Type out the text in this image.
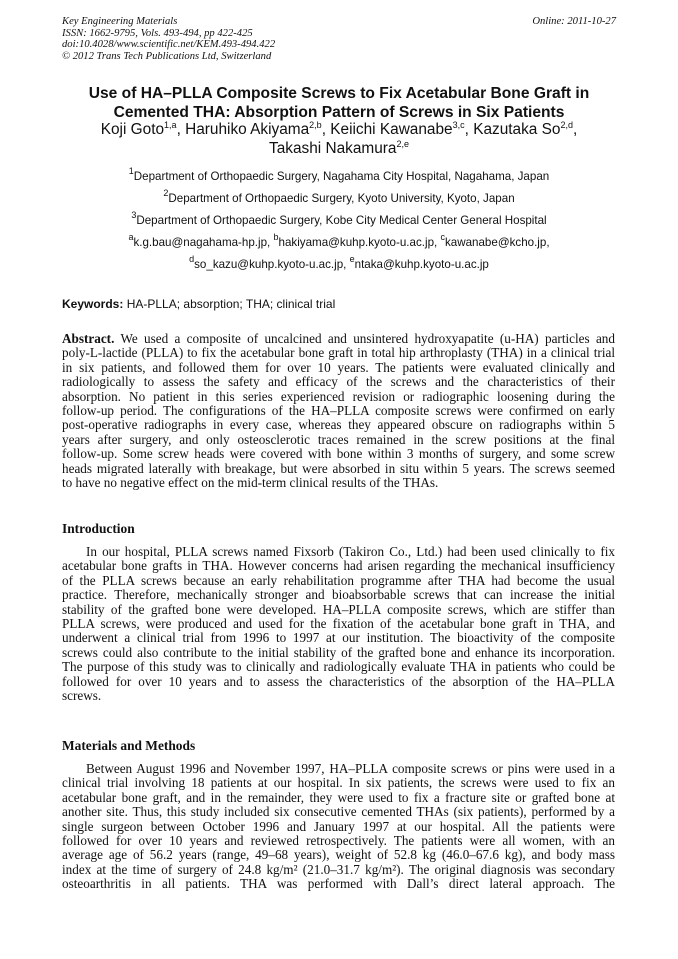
Key Engineering Materials
ISSN: 1662-9795, Vols. 493-494, pp 422-425
doi:10.4028/www.scientific.net/KEM.493-494.422
© 2012 Trans Tech Publications Ltd, Switzerland
Online: 2011-10-27
Use of HA–PLLA Composite Screws to Fix Acetabular Bone Graft in
Cemented THA: Absorption Pattern of Screws in Six Patients
Koji Goto$^{1,a}$, Haruhiko Akiyama$^{2,b}$, Keiichi Kawanabe$^{3,c}$, Kazutaka So$^{2,d}$,
Takashi Nakamura$^{2,e}$
$^1$Department of Orthopaedic Surgery, Nagahama City Hospital, Nagahama, Japan
$^2$Department of Orthopaedic Surgery, Kyoto University, Kyoto, Japan
$^3$Department of Orthopaedic Surgery, Kobe City Medical Center General Hospital
$^a$k.g.bau@nagahama-hp.jp, $^b$hakiyama@kuhp.kyoto-u.ac.jp, $^c$kawanabe@kcho.jp,
$^d$so_kazu@kuhp.kyoto-u.ac.jp, $^e$ntaka@kuhp.kyoto-u.ac.jp
Keywords: HA-PLLA; absorption; THA; clinical trial
Abstract. We used a composite of uncalcined and unsintered hydroxyapatite (u-HA) particles and
poly-L-lactide (PLLA) to fix the acetabular bone graft in total hip arthroplasty (THA) in a clinical trial
in six patients, and followed them for over 10 years. The patients were evaluated clinically and
radiologically to assess the safety and efficacy of the screws and the characteristics of their
absorption. No patient in this series experienced revision or radiographic loosening during the
follow-up period. The configurations of the HA–PLLA composite screws were confirmed on early
post-operative radiographs in every case, whereas they appeared obscure on radiographs within 5
years after surgery, and only osteosclerotic traces remained in the screw positions at the final
follow-up. Some screw heads were covered with bone within 3 months of surgery, and some screw
heads migrated laterally with breakage, but were absorbed in situ within 5 years. The screws seemed
to have no negative effect on the mid-term clinical results of the THAs.
Introduction
In our hospital, PLLA screws named Fixsorb (Takiron Co., Ltd.) had been used clinically to fix
acetabular bone grafts in THA. However concerns had arisen regarding the mechanical insufficiency
of the PLLA screws because an early rehabilitation programme after THA had become the usual
practice. Therefore, mechanically stronger and bioabsorbable screws that can increase the initial
stability of the grafted bone were developed. HA–PLLA composite screws, which are stiffer than
PLLA screws, were produced and used for the fixation of the acetabular bone graft in THA, and
underwent a clinical trial from 1996 to 1997 at our institution. The bioactivity of the composite
screws could also contribute to the initial stability of the grafted bone and enhance its incorporation.
The purpose of this study was to clinically and radiologically evaluate THA in patients who could be
followed for over 10 years and to assess the characteristics of the absorption of the HA–PLLA
screws.
Materials and Methods
Between August 1996 and November 1997, HA–PLLA composite screws or pins were used in a
clinical trial involving 18 patients at our hospital. In six patients, the screws were used to fix an
acetabular bone graft, and in the remainder, they were used to fix a fracture site or grafted bone at
another site. Thus, this study included six consecutive cemented THAs (six patients), performed by a
single surgeon between October 1996 and January 1997 at our hospital. All the patients were
followed for over 10 years and reviewed retrospectively. The patients were all women, with an
average age of 56.2 years (range, 49–68 years), weight of 52.8 kg (46.0–67.6 kg), and body mass
index at the time of surgery of 24.8 kg/m² (21.0–31.7 kg/m²). The original diagnosis was secondary
osteoarthritis in all patients. THA was performed with Dall’s direct lateral approach. The
